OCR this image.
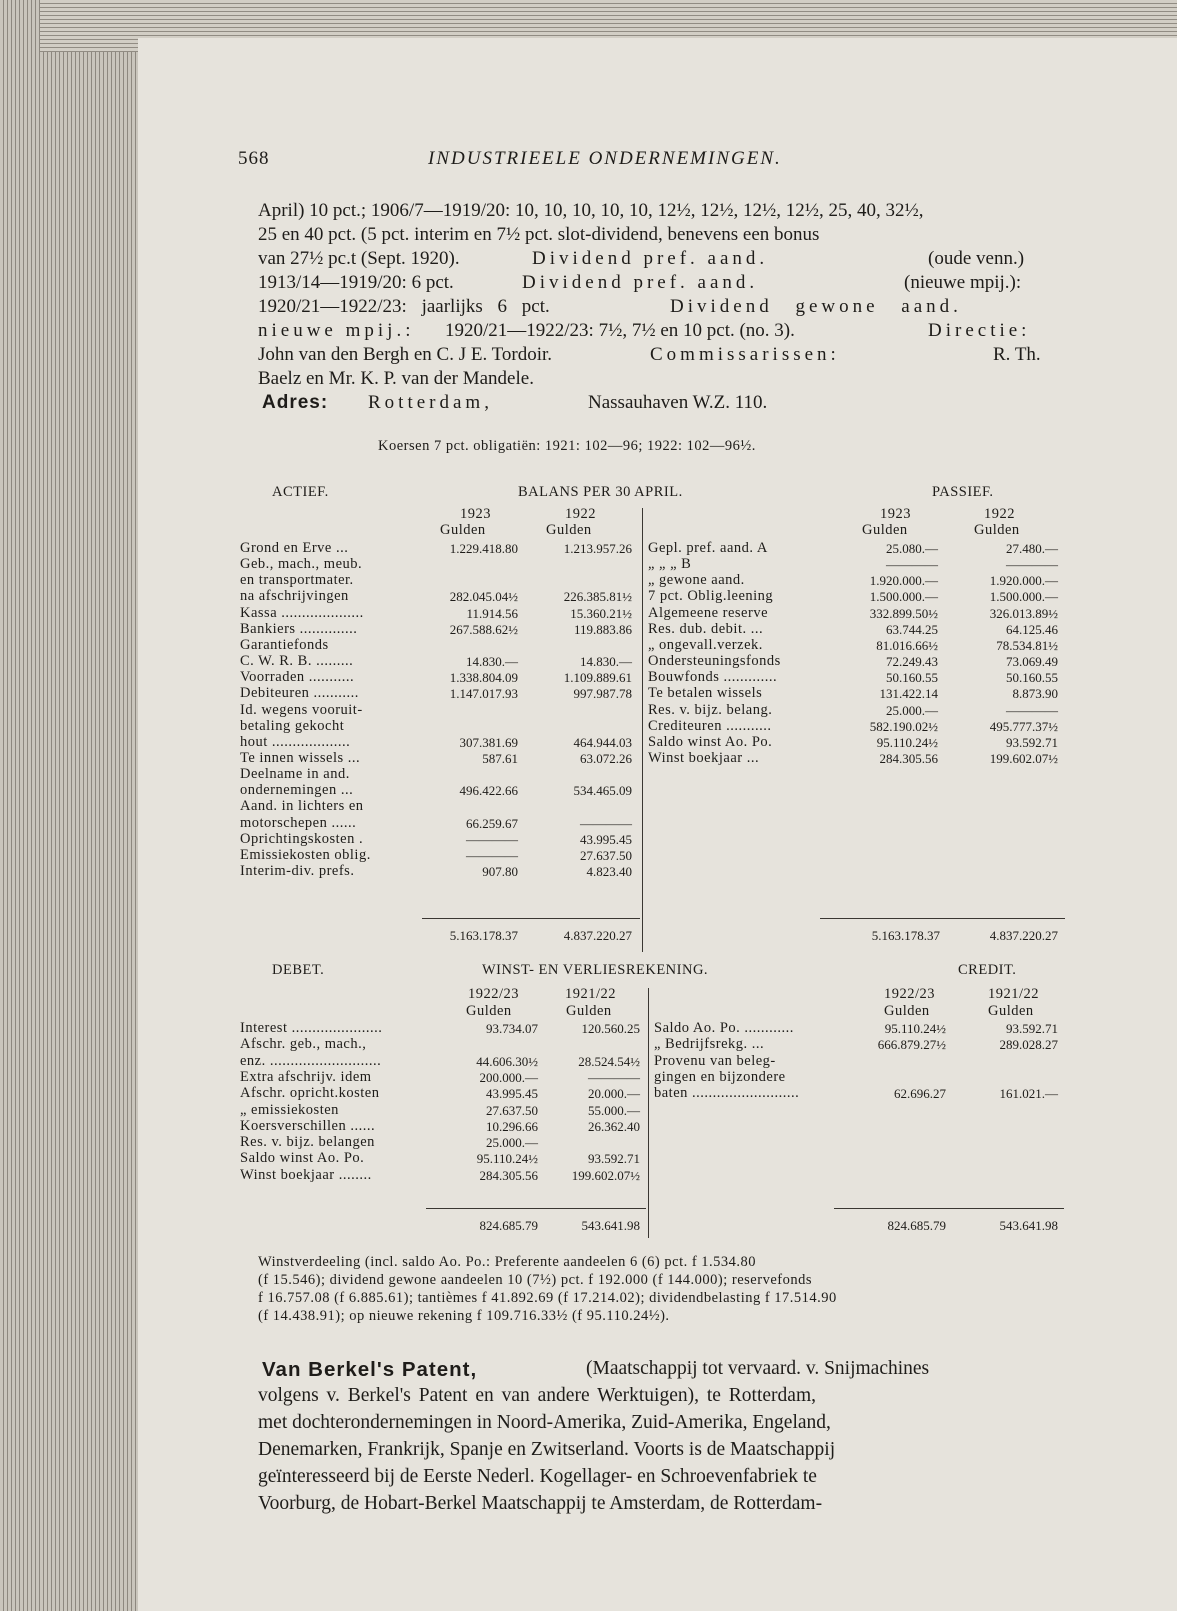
568	INDUSTRIEELE ONDERNEMINGEN.
April) 10 pct.; 1906/7—1919/20: 10, 10, 10, 10, 10, 12½, 12½, 12½, 12½, 25, 40, 32½,
25 en 40 pct. (5 pct. interim en 7½ pct. slot-dividend, benevens een bonus
van 27½ pc.t (Sept. 1920).	Dividend pref. aand.	(oude venn.)
1913/14—1919/20: 6 pct.	Dividend pref. aand.	(nieuwe mpij.):
1920/21—1922/23: jaarlijks 6 pct.	Dividend gewone aand.
nieuwe mpij.: 1920/21—1922/23: 7½, 7½ en 10 pct. (no. 3).	Directie:
John van den Bergh en C. J E. Tordoir.	Commissarissen:	R. Th.
Baelz en Mr. K. P. van der Mandele.
Adres: Rotterdam,	Nassauhaven W.Z. 110.
Koersen 7 pct. obligatiën: 1921: 102—96; 1922: 102—96½.
ACTIEF.	BALANS PER 30 APRIL.	PASSIEF.
1923	1922
Gulden	Gulden
1923	1922
Gulden	Gulden
Grond en Erve ...	1.229.418.80	1.213.957.26
Geb., mach., meub.
en transportmater.
na afschrijvingen	282.045.04½	226.385.81½
Kassa ....................	11.914.56	15.360.21½
Bankiers ..............	267.588.62½	119.883.86
Garantiefonds
C. W. R. B. .........	14.830.—	14.830.—
Voorraden ...........	1.338.804.09	1.109.889.61
Debiteuren ...........	1.147.017.93	997.987.78
Id. wegens vooruit-
betaling gekocht
hout ...................	307.381.69	464.944.03
Te innen wissels ...	587.61	63.072.26
Deelname in and.
ondernemingen ...	496.422.66	534.465.09
Aand. in lichters en
motorschepen ......	66.259.67	————
Oprichtingskosten .	————	43.995.45
Emissiekosten oblig.	————	27.637.50
Interim-div. prefs.	907.80	4.823.40
Gepl. pref. aand. A	25.080.—	27.480.—
„ „ „ B	————	————
„ gewone aand.	1.920.000.—	1.920.000.—
7 pct. Oblig.leening	1.500.000.—	1.500.000.—
Algemeene reserve	332.899.50½	326.013.89½
Res. dub. debit. ...	63.744.25	64.125.46
„ ongevall.verzek.	81.016.66½	78.534.81½
Ondersteuningsfonds	72.249.43	73.069.49
Bouwfonds .............	50.160.55	50.160.55
Te betalen wissels	131.422.14	8.873.90
Res. v. bijz. belang.	25.000.—	————
Crediteuren ...........	582.190.02½	495.777.37½
Saldo winst Ao. Po.	95.110.24½	93.592.71
Winst boekjaar ...	284.305.56	199.602.07½
5.163.178.37	4.837.220.27	5.163.178.37	4.837.220.27
DEBET.	WINST- EN VERLIESREKENING.	CREDIT.
1922/23	1921/22
Gulden	Gulden
1922/23	1921/22
Gulden	Gulden
Interest ......................	93.734.07	120.560.25
Afschr. geb., mach.,
enz. ...........................	44.606.30½	28.524.54½
Extra afschrijv. idem	200.000.—	————
Afschr. opricht.kosten	43.995.45	20.000.—
„ emissiekosten	27.637.50	55.000.—
Koersverschillen ......	10.296.66	26.362.40
Res. v. bijz. belangen	25.000.—
Saldo winst Ao. Po.	95.110.24½	93.592.71
Winst boekjaar ........	284.305.56	199.602.07½
Saldo Ao. Po. ............	95.110.24½	93.592.71
„ Bedrijfsrekg. ...	666.879.27½	289.028.27
Provenu van beleg-
gingen en bijzondere
baten ..........................	62.696.27	161.021.—
824.685.79	543.641.98	824.685.79	543.641.98
Winstverdeeling (incl. saldo Ao. Po.: Preferente aandeelen 6 (6) pct. f 1.534.80
(f 15.546); dividend gewone aandeelen 10 (7½) pct. f 192.000 (f 144.000); reservefonds
f 16.757.08 (f 6.885.61); tantièmes f 41.892.69 (f 17.214.02); dividendbelasting f 17.514.90
(f 14.438.91); op nieuwe rekening f 109.716.33½ (f 95.110.24½).
Van Berkel's Patent,	(Maatschappij tot vervaard. v. Snijmachines
volgens v. Berkel's Patent en van andere Werktuigen), te Rotterdam,
met dochterondernemingen in Noord-Amerika, Zuid-Amerika, Engeland,
Denemarken, Frankrijk, Spanje en Zwitserland. Voorts is de Maatschappij
geïnteresseerd bij de Eerste Nederl. Kogellager- en Schroevenfabriek te
Voorburg, de Hobart-Berkel Maatschappij te Amsterdam, de Rotterdam-
